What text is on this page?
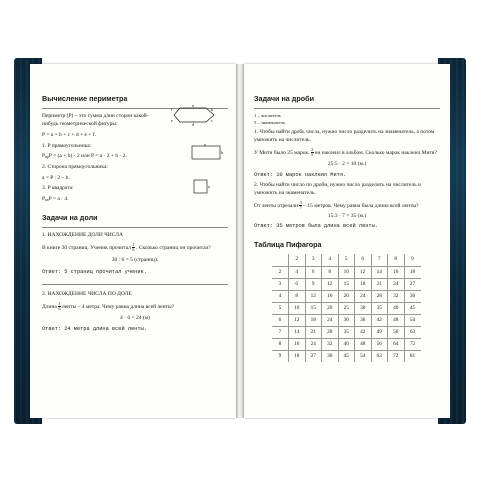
Вычисление периметра

Периметр (P) – это сумма длин сторон какой-нибудь геометрической фигуры:

P = a + b + c + d + e + f.

a
b
c
d
e
f

1. P прямоугольника:

$P_{пр}P = (a + b) \cdot 2$ или P = a · 2 + b · 2.

a
b

2. Сторона прямоугольника:

a = P : 2 – b.

3. P квадрата:

$P_{кв}P = a \cdot 4$.

a
Задачи на доли

1. НАХОЖДЕНИЕ ДОЛИ ЧИСЛА

В книге 30 страниц. Ученик прочитал $\frac{1}{6}$ . Сколько страниц он прочитал?

30 : 6 = 5 (страниц).

Ответ: 5 страниц прочитал ученик.

2. НАХОЖДЕНИЕ ЧИСЛА ПО ДОЛЕ

Длина $\frac{1}{6}$ ленты – 4 метра. Чему равна длина всей ленты?

4 · 6 = 24 (м)

Ответ: 24 метра длина всей ленты.

Задачи на дроби

1 – числитель

5 – знаменатель

1. Чтобы найти дробь числа, нужно число разделить на знаменатель, а потом умножить на числитель.

У Мити было 25 марок. $\frac{2}{5}$ он наклеил в альбом. Сколько марок наклеил Митя?

25:5 · 2 = 10 (м.)

Ответ: 10 марок наклеил Митя.

2. Чтобы найти число по дроби, нужно число разделить на числитель и умножить на знаменатель.

От ленты отрезали $\frac{3}{7} - 15$ метров. Чему равна была длина всей ленты?

15:3 · 7 = 35 (м.)

Ответ: 35 метров была длина всей ленты.

Таблица Пифагора
	2	3	4	5	6	7	8	9
2	4	6	8	10	12	14	16	18
3	6	9	12	15	18	21	24	27
4	8	12	16	20	24	28	32	36
5	10	15	20	25	30	35	40	45
6	12	18	24	30	36	42	48	54
7	14	21	28	35	42	49	56	63
8	16	24	32	40	48	56	64	72
9	18	27	36	45	54	63	72	81
